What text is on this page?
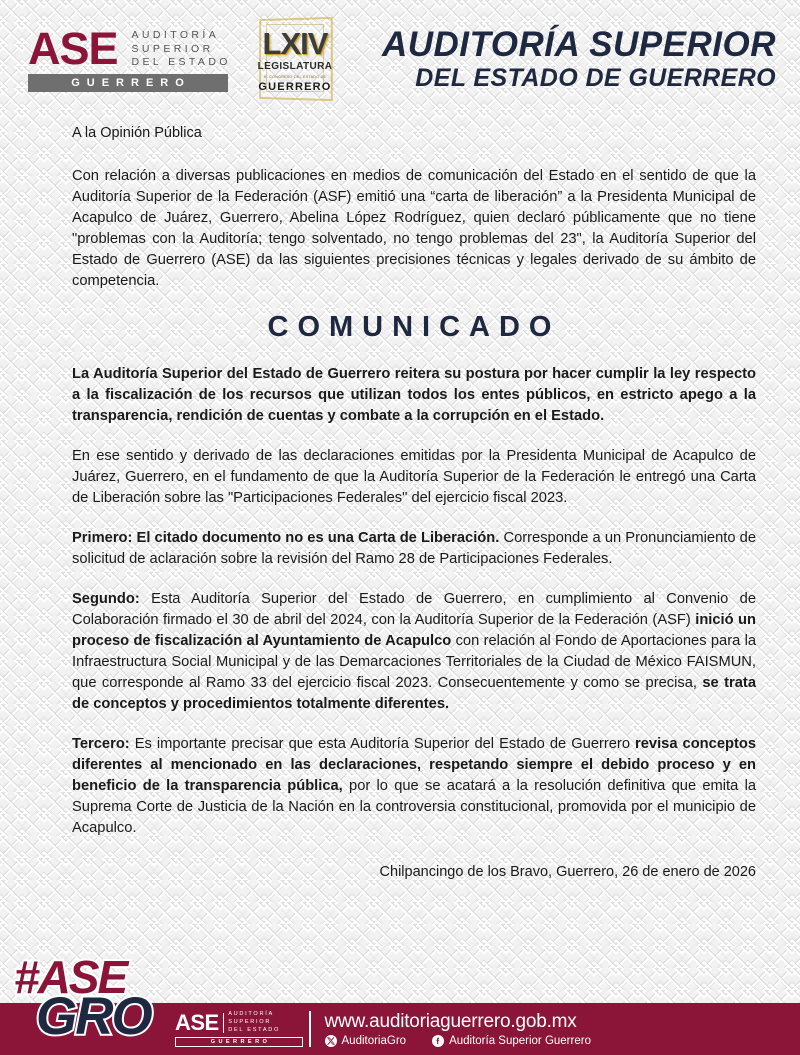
ASE AUDITORÍA
SUPERIOR
DEL ESTADO
GUERRERO
LXIV
LEGISLATURA
H. CONGRESO DEL ESTADO DE
GUERRERO
AUDITORÍA SUPERIOR
DEL ESTADO DE GUERRERO
A la Opinión Pública
Con relación a diversas publicaciones en medios de comunicación del Estado en el sentido de que la Auditoría Superior de la Federación (ASF) emitió una “carta de liberación” a la Presidenta Municipal de Acapulco de Juárez, Guerrero, Abelina López Rodríguez, quien declaró públicamente que no tiene "problemas con la Auditoría; tengo solventado, no tengo problemas del 23", la Auditoría Superior del Estado de Guerrero (ASE) da las siguientes precisiones técnicas y legales derivado de su ámbito de competencia.
COMUNICADO
La Auditoría Superior del Estado de Guerrero reitera su postura por hacer cumplir la ley respecto a la fiscalización de los recursos que utilizan todos los entes públicos, en estricto apego a la transparencia, rendición de cuentas y combate a la corrupción en el Estado.
En ese sentido y derivado de las declaraciones emitidas por la Presidenta Municipal de Acapulco de Juárez, Guerrero, en el fundamento de que la Auditoría Superior de la Federación le entregó una Carta de Liberación sobre las "Participaciones Federales" del ejercicio fiscal 2023.
Primero: El citado documento no es una Carta de Liberación. Corresponde a un Pronunciamiento de solicitud de aclaración sobre la revisión del Ramo 28 de Participaciones Federales.
Segundo: Esta Auditoría Superior del Estado de Guerrero, en cumplimiento al Convenio de Colaboración firmado el 30 de abril del 2024, con la Auditoría Superior de la Federación (ASF) inició un proceso de fiscalización al Ayuntamiento de Acapulco con relación al Fondo de Aportaciones para la Infraestructura Social Municipal y de las Demarcaciones Territoriales de la Ciudad de México FAISMUN, que corresponde al Ramo 33 del ejercicio fiscal 2023. Consecuentemente y como se precisa, se trata de conceptos y procedimientos totalmente diferentes.
Tercero: Es importante precisar que esta Auditoría Superior del Estado de Guerrero revisa conceptos diferentes al mencionado en las declaraciones, respetando siempre el debido proceso y en beneficio de la transparencia pública, por lo que se acatará a la resolución definitiva que emita la Suprema Corte de Justicia de la Nación en la controversia constitucional, promovida por el municipio de Acapulco.
Chilpancingo de los Bravo, Guerrero, 26 de enero de 2026
#ASE
GRO ASE AUDITORÍA
SUPERIOR
DEL ESTADO
GUERRERO
www.auditoriaguerrero.gob.mx
AuditoriaGro	Auditoría Superior Guerrero
